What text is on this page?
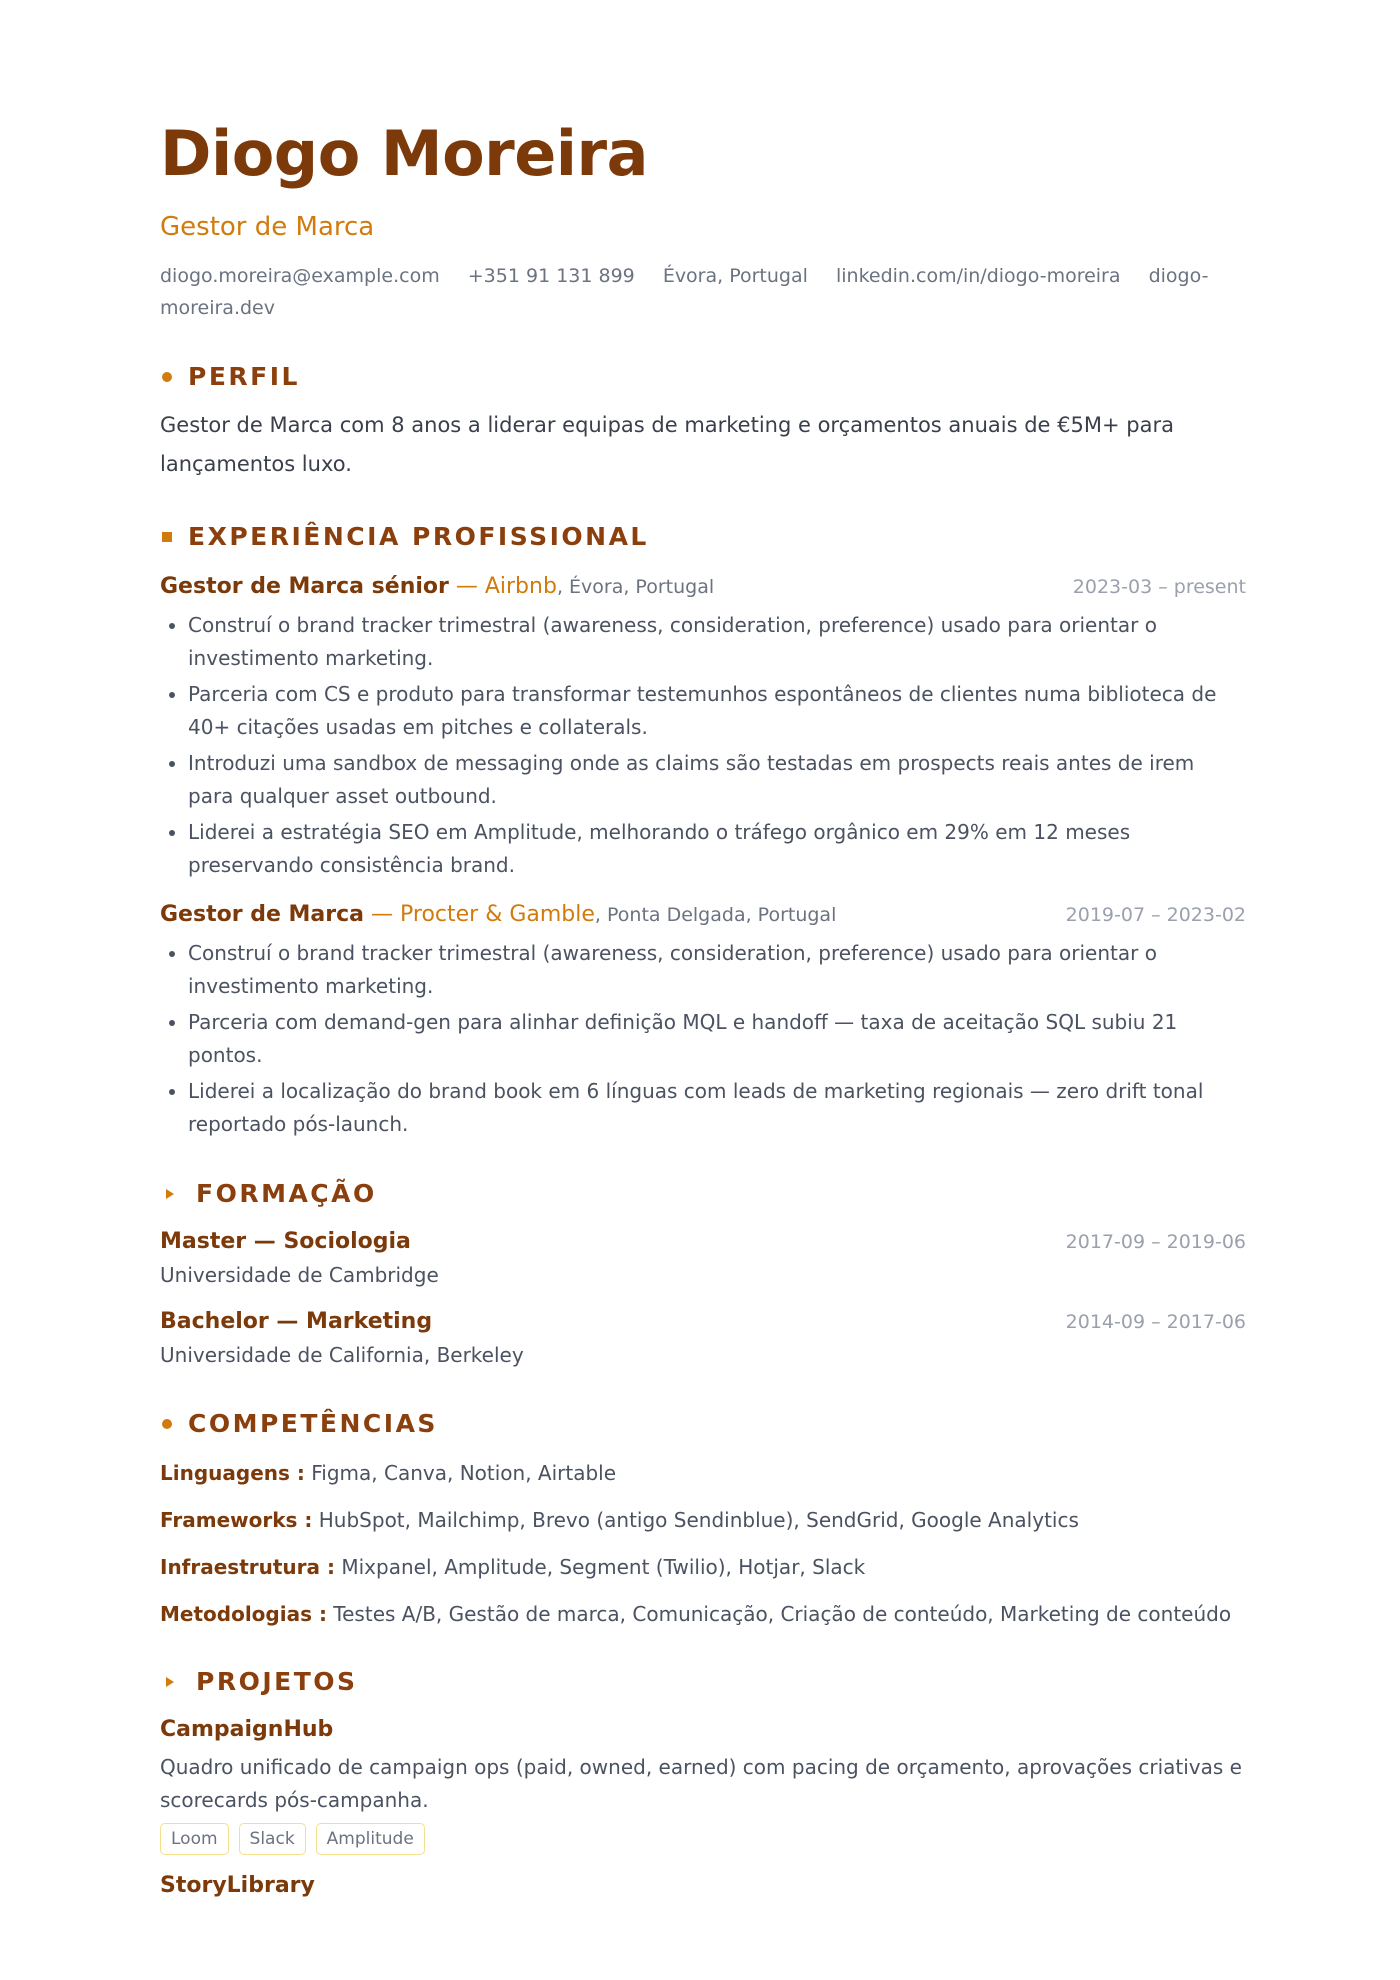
Diogo Moreira
Gestor de Marca
diogo.moreira@example.com +351 91 131 899 Évora, Portugal linkedin.com/in/diogo-moreira diogo-moreira.dev
PERFIL
Gestor de Marca com 8 anos a liderar equipas de marketing e orçamentos anuais de €5M+ para lançamentos luxo.
EXPERIÊNCIA PROFISSIONAL
Gestor de Marca sénior — Airbnb, Évora, Portugal	2023-03 – present
• Construí o brand tracker trimestral (awareness, consideration, preference) usado para orientar o investimento marketing.
• Parceria com CS e produto para transformar testemunhos espontâneos de clientes numa biblioteca de 40+ citações usadas em pitches e collaterals.
• Introduzi uma sandbox de messaging onde as claims são testadas em prospects reais antes de irem para qualquer asset outbound.
• Liderei a estratégia SEO em Amplitude, melhorando o tráfego orgânico em 29% em 12 meses preservando consistência brand.
Gestor de Marca — Procter & Gamble, Ponta Delgada, Portugal	2019-07 – 2023-02
• Construí o brand tracker trimestral (awareness, consideration, preference) usado para orientar o investimento marketing.
• Parceria com demand-gen para alinhar definição MQL e handoff — taxa de aceitação SQL subiu 21 pontos.
• Liderei a localização do brand book em 6 línguas com leads de marketing regionais — zero drift tonal reportado pós-launch.
FORMAÇÃO
Master — Sociologia	2017-09 – 2019-06
Universidade de Cambridge
Bachelor — Marketing	2014-09 – 2017-06
Universidade de California, Berkeley
COMPETÊNCIAS
Linguagens : Figma, Canva, Notion, Airtable
Frameworks : HubSpot, Mailchimp, Brevo (antigo Sendinblue), SendGrid, Google Analytics
Infraestrutura : Mixpanel, Amplitude, Segment (Twilio), Hotjar, Slack
Metodologias : Testes A/B, Gestão de marca, Comunicação, Criação de conteúdo, Marketing de conteúdo
PROJETOS
CampaignHub
Quadro unificado de campaign ops (paid, owned, earned) com pacing de orçamento, aprovações criativas e scorecards pós-campanha.
Loom	Slack	Amplitude
StoryLibrary
